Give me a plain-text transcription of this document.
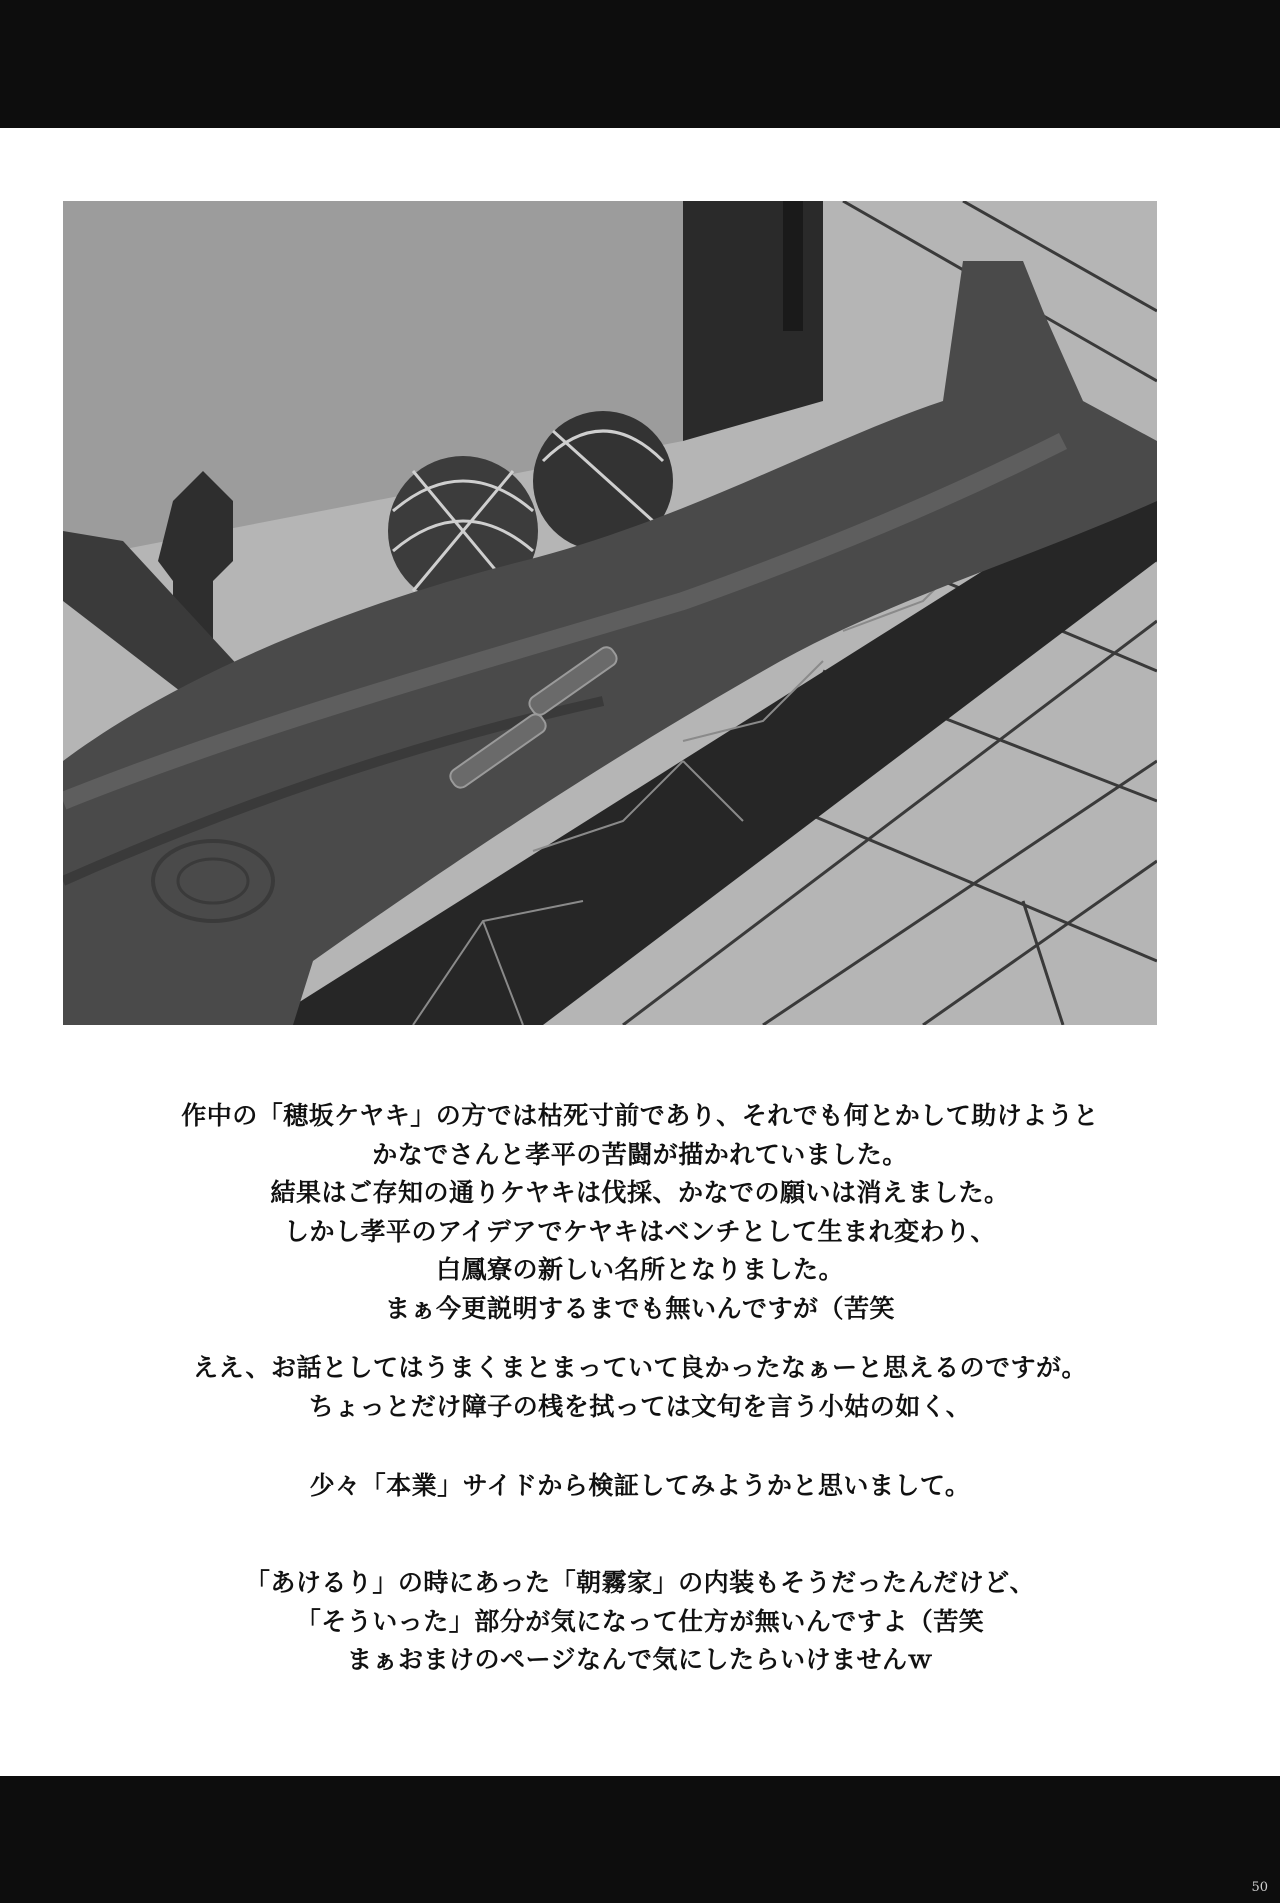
作中の「穂坂ケヤキ」の方では枯死寸前であり、それでも何とかして助けようと
かなでさんと孝平の苦闘が描かれていました。
結果はご存知の通りケヤキは伐採、かなでの願いは消えました。
しかし孝平のアイデアでケヤキはベンチとして生まれ変わり、
白鳳寮の新しい名所となりました。
まぁ今更説明するまでも無いんですが（苦笑
ええ、お話としてはうまくまとまっていて良かったなぁーと思えるのですが。
ちょっとだけ障子の桟を拭っては文句を言う小姑の如く、
少々「本業」サイドから検証してみようかと思いまして。
「あけるり」の時にあった「朝霧家」の内装もそうだったんだけど、
「そういった」部分が気になって仕方が無いんですよ（苦笑
まぁおまけのページなんで気にしたらいけませんｗ
50
